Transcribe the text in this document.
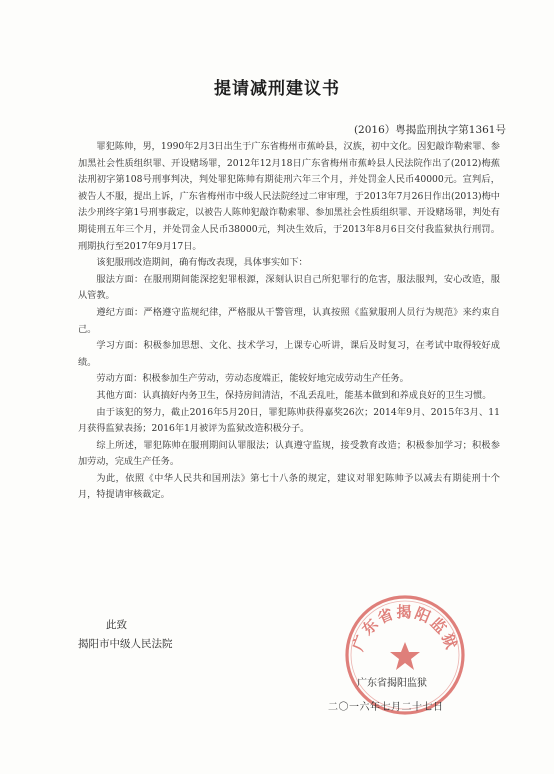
提请减刑建议书
(2016）粤揭监刑执字第1361号

罪犯陈帅，男，1990年2月3日出生于广东省梅州市蕉岭县，汉族，初中文化。因犯敲诈勒索罪、参加黑社会性质组织罪、开设赌场罪，2012年12月18日广东省梅州市蕉岭县人民法院作出了(2012)梅蕉法刑初字第108号刑事判决，判处罪犯陈帅有期徒刑六年三个月，并处罚金人民币40000元。宣判后，被告人不服，提出上诉，广东省梅州市中级人民法院经过二审审理，于2013年7月26日作出(2013)梅中法少刑终字第1号刑事裁定，以被告人陈帅犯敲诈勒索罪、参加黑社会性质组织罪、开设赌场罪，判处有期徒刑五年三个月，并处罚金人民币38000元，判决生效后，于2013年8月6日交付我监狱执行刑罚。刑期执行至2017年9月17日。

该犯服刑改造期间，确有悔改表现，具体事实如下：

服法方面：在服刑期间能深挖犯罪根源，深刻认识自己所犯罪行的危害，服法服判，安心改造，服从管教。

遵纪方面：严格遵守监规纪律，严格服从干警管理，认真按照《监狱服刑人员行为规范》来约束自己。

学习方面：积极参加思想、文化、技术学习，上课专心听讲，课后及时复习，在考试中取得较好成绩。

劳动方面：积极参加生产劳动，劳动态度端正，能较好地完成劳动生产任务。

其他方面：认真搞好内务卫生，保持房间清洁，不乱丢乱吐，能基本做到和养成良好的卫生习惯。

由于该犯的努力，截止2016年5月20日，罪犯陈帅获得嘉奖26次；2014年9月、2015年3月、11月获得监狱表扬；2016年1月被评为监狱改造积极分子。

综上所述，罪犯陈帅在服刑期间认罪服法；认真遵守监规，接受教育改造；积极参加学习；积极参加劳动，完成生产任务。

为此，依照《中华人民共和国刑法》第七十八条的规定，建议对罪犯陈帅予以减去有期徒刑十个月，特提请审核裁定。

此致
揭阳市中级人民法院	广东省揭阳监狱
广东省揭阳监狱
二〇一六年七月二十七日
